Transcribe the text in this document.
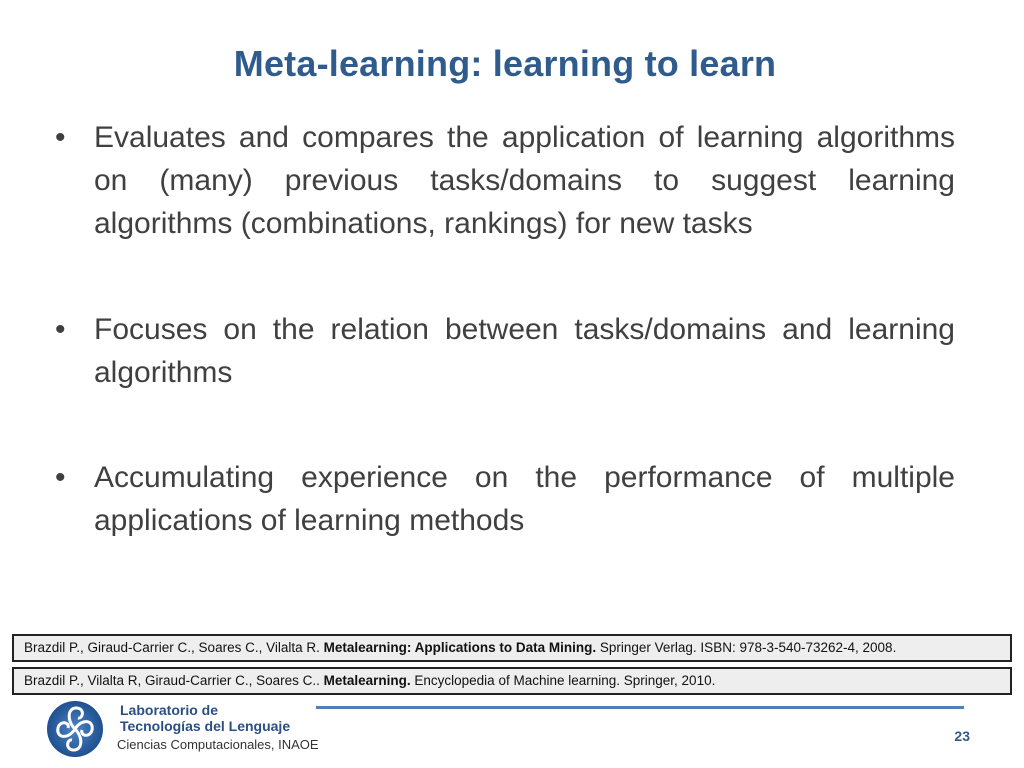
Meta-learning: learning to learn
• Evaluates and compares the application of learning algorithms on (many) previous tasks/domains to suggest learning algorithms (combinations, rankings) for new tasks
• Focuses on the relation between tasks/domains and learning algorithms
• Accumulating experience on the performance of multiple applications of learning methods
Brazdil P., Giraud-Carrier C., Soares C., Vilalta R. Metalearning: Applications to Data Mining. Springer Verlag. ISBN: 978-3-540-73262-4, 2008.
Brazdil P., Vilalta R, Giraud-Carrier C., Soares C.. Metalearning. Encyclopedia of Machine learning. Springer, 2010.
Laboratorio de
Tecnologías del Lenguaje
Ciencias Computacionales, INAOE
23
